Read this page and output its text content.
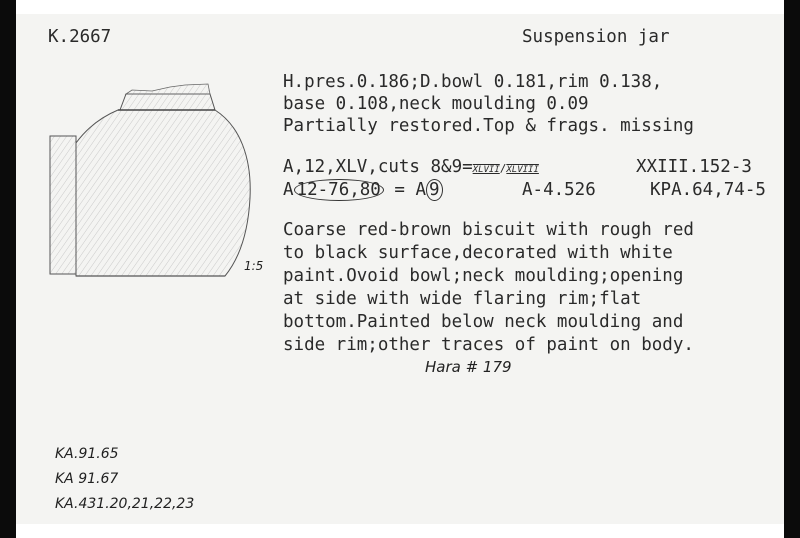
K.2667	Suspension jar
H.pres.0.186;D.bowl 0.181,rim 0.138,
base 0.108,neck moulding 0.09
Partially restored.Top & frags. missing
A,12,XLV,cuts 8&9=XLVII/XLVIII	XXIII.152-3
A 12-76,80 = A 9	A-4.526	KPA.64,74-5
Coarse red-brown biscuit with rough red
to black surface,decorated with white
paint.Ovoid bowl;neck moulding;opening
at side with wide flaring rim;flat
bottom.Painted below neck moulding and
side rim;other traces of paint on body.
Hara # 179
1:5
KA.91.65
KA 91.67
KA.431.20,21,22,23
